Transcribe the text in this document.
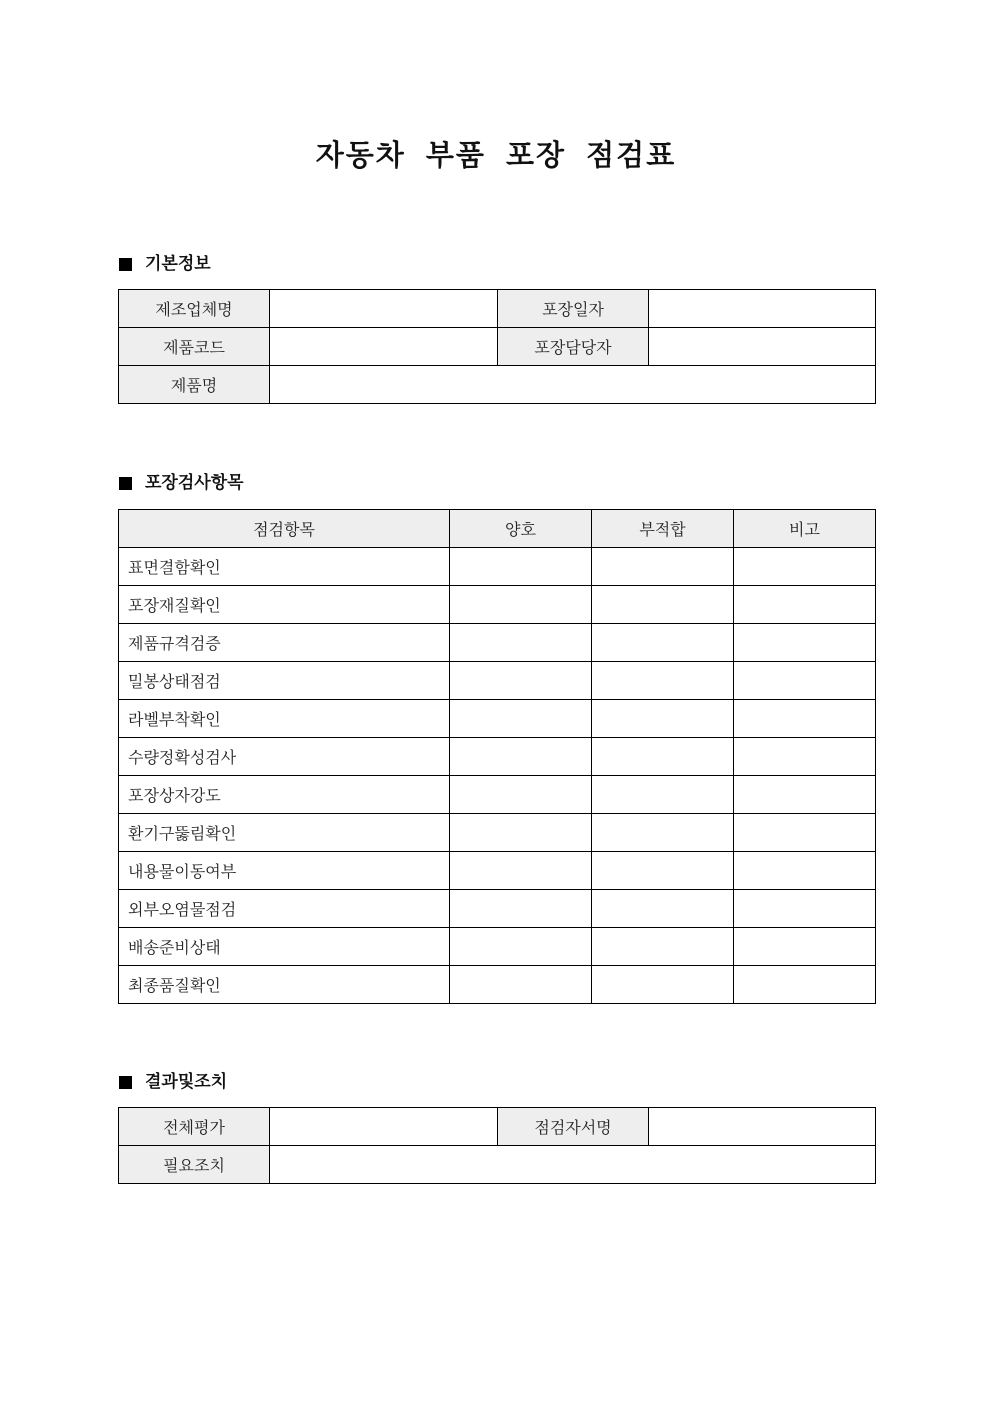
자동차 부품 포장 점검표
기본정보
제조업체명		포장일자	
제품코드		포장담당자	
제품명			
포장검사항목
점검항목	양호	부적합	비고
표면결함확인			
포장재질확인			
제품규격검증			
밀봉상태점검			
라벨부착확인			
수량정확성검사			
포장상자강도			
환기구뚫림확인			
내용물이동여부			
외부오염물점검			
배송준비상태			
최종품질확인			
결과및조치
전체평가		점검자서명	
필요조치			
